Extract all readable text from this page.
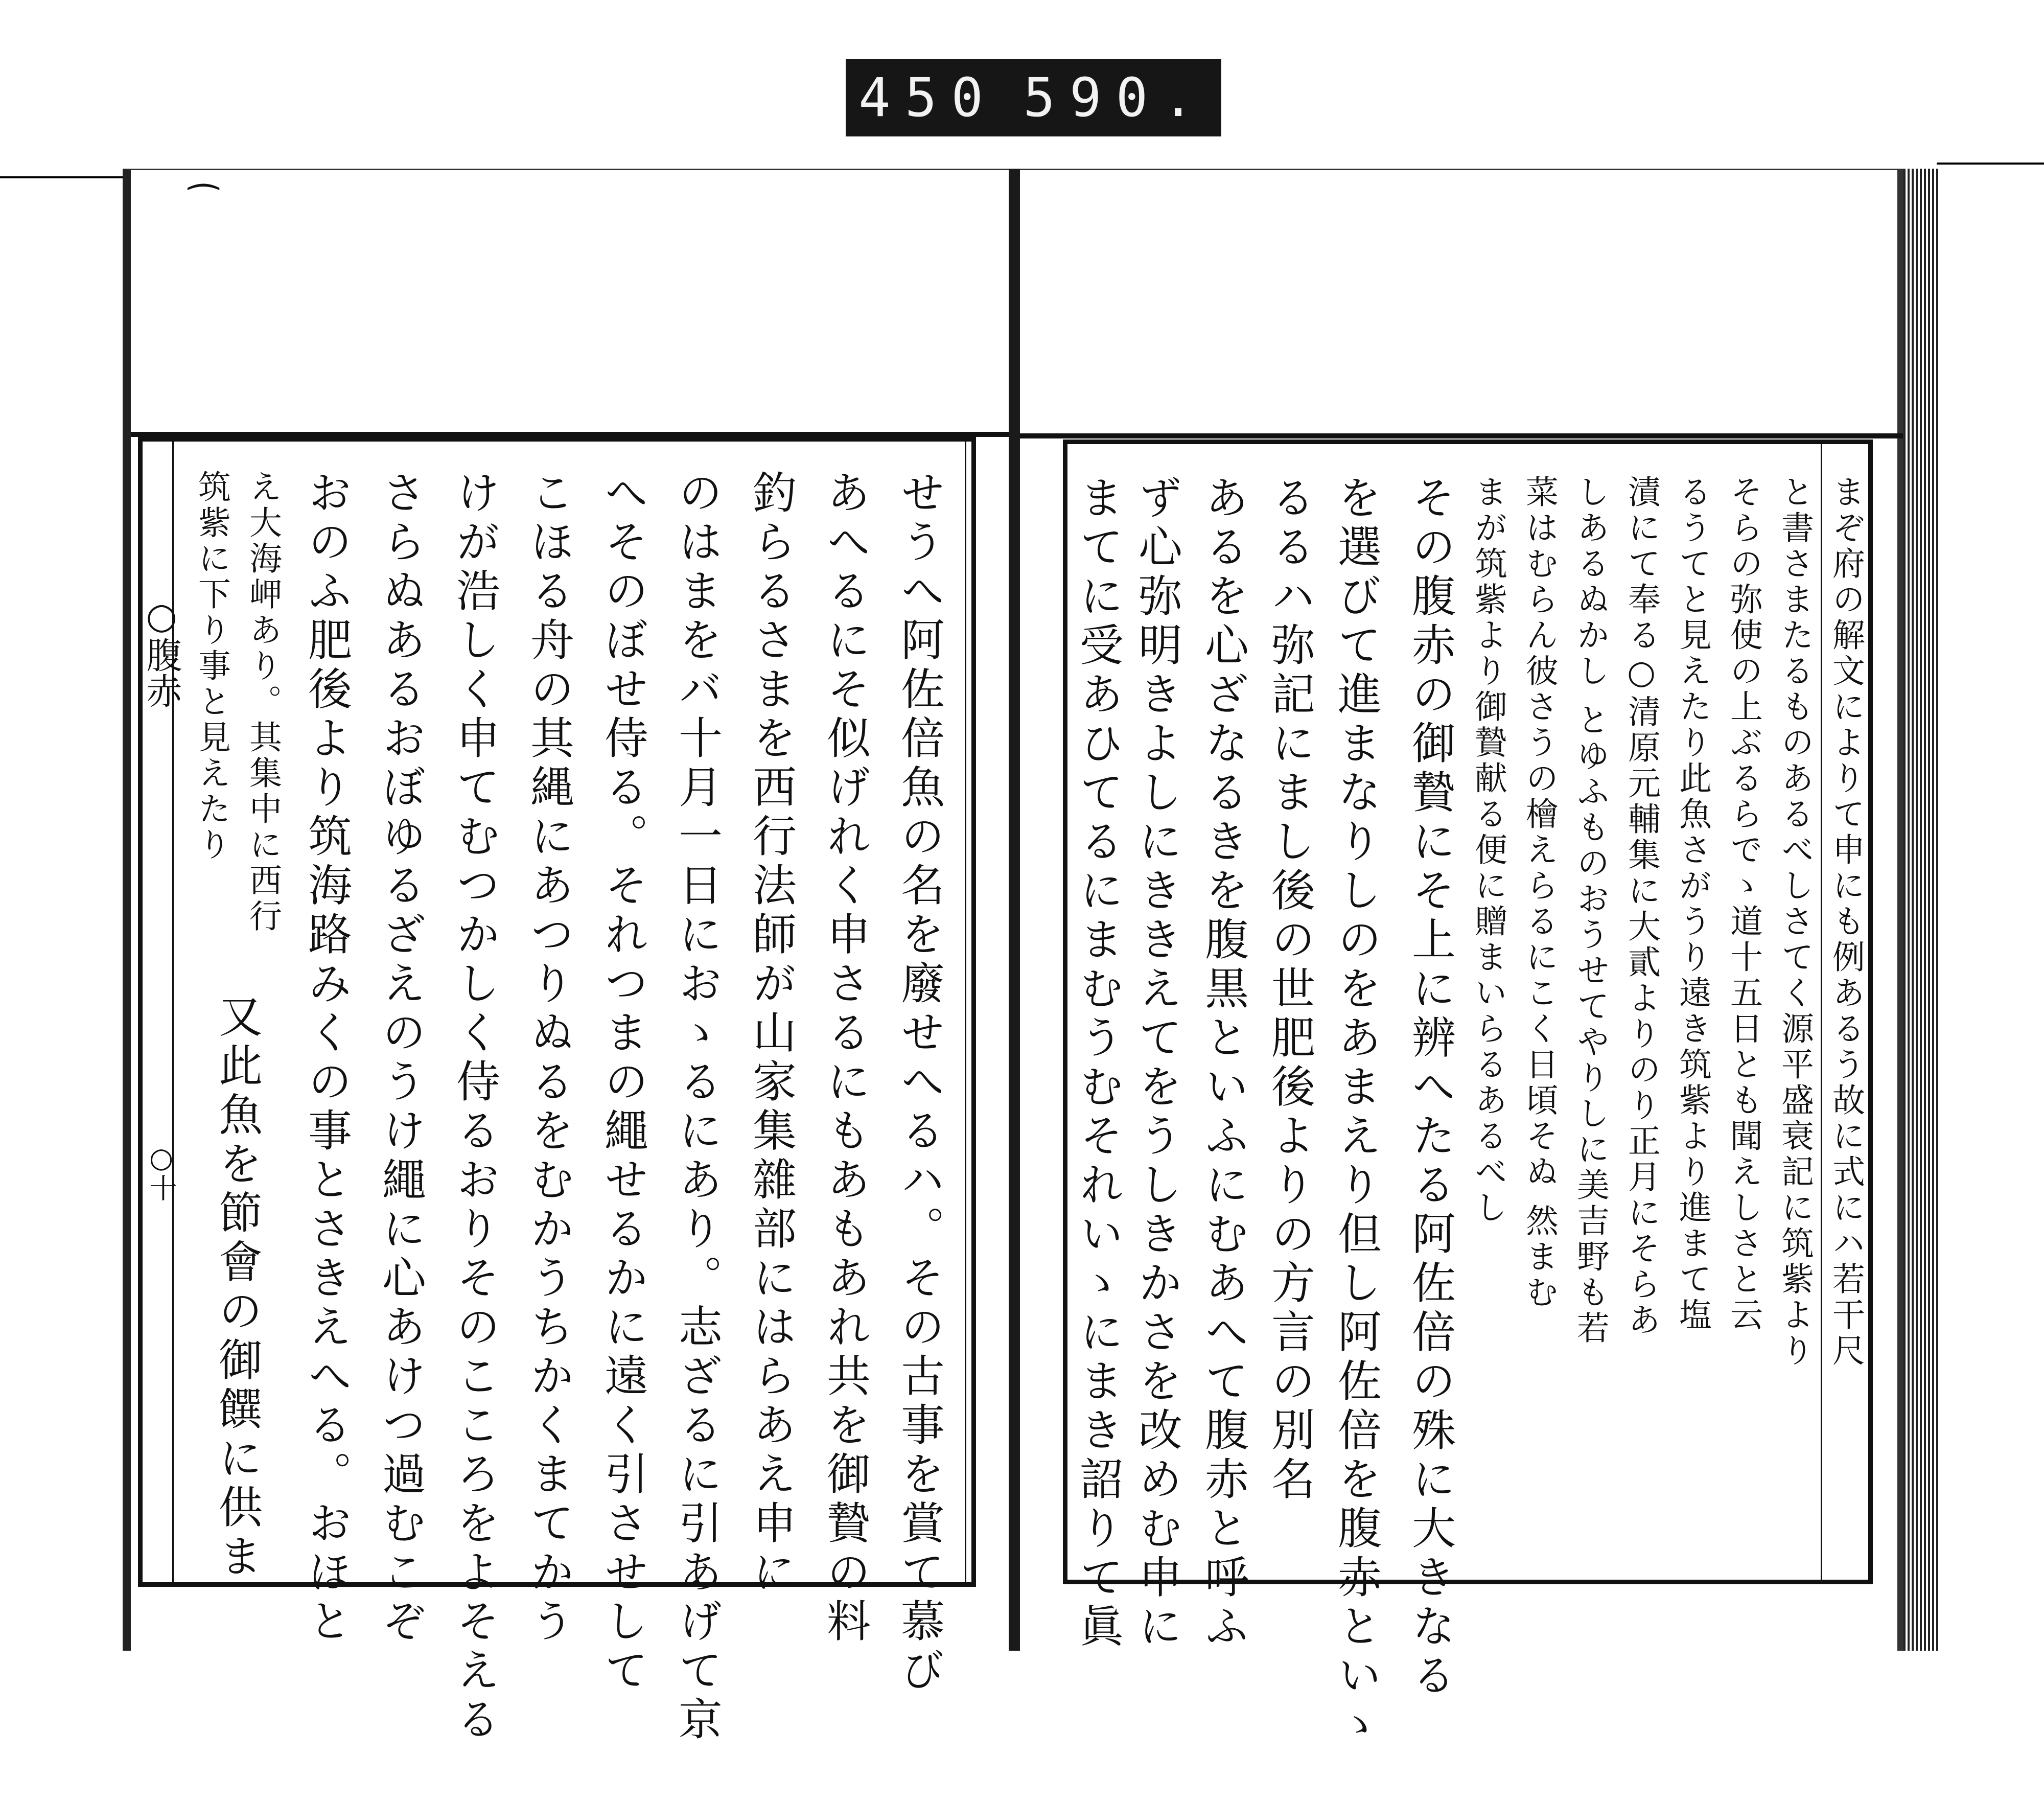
450 590.
⁀
せうへ阿佐倍魚の名を廢せへるハ。その古事を賞て慕び
あへるにそ似げれく申さるにもあもあれ共を御贄の料
釣らるさまを西行法師が山家集雜部にはらあえ申に
のはまをバ十月一日におゝるにあり。志ざるに引あげて京
へそのぼせ侍る。それつまの繩せるかに遠く引させして
こほる舟の其縄にあつりぬるをむかうちかくまてかう
けが浩しく申てむつかしく侍るおりそのこころをよそえる
さらぬあるおぼゆるざえのうけ繩に心あけつ過むこぞ
おのふ肥後より筑海路みくの事とさきえへる。おほと
え大海岬あり。其集中に西行
筑紫に下り事と見えたり
又此魚を節會の御饌に供ま
○腹赤
○十	まぞ府の解文によりて申にも例あるう故に式にハ若干尺
と書さまたるものあるべしさてく源平盛衰記に筑紫より
そらの弥使の上ぶるらでゝ道十五日とも聞えしさと云
るうてと見えたり此魚さがうり遠き筑紫より進まて塩
漬にて奉る○清原元輔集に大貳よりのり正月にそらあ
しあるぬかし とゆふものおうせてやりしに美吉野も若
菜はむらん彼さうの檜えらるにこく日頃そぬ 然まむ
まが筑紫より御贄献る便に贈まいらるあるべし
その腹赤の御贄にそ上に辨へたる阿佐倍の殊に大きなる
を選びて進まなりしのをあまえり但し阿佐倍を腹赤といゝ
るるハ弥記にまし後の世肥後よりの方言の別名
あるを心ざなるきを腹黒といふにむあへて腹赤と呼ふ
ず心弥明きよしにききえてをうしきかさを改めむ申に
まてに受あひてるにまむうむそれいゝにまき詔りて眞
